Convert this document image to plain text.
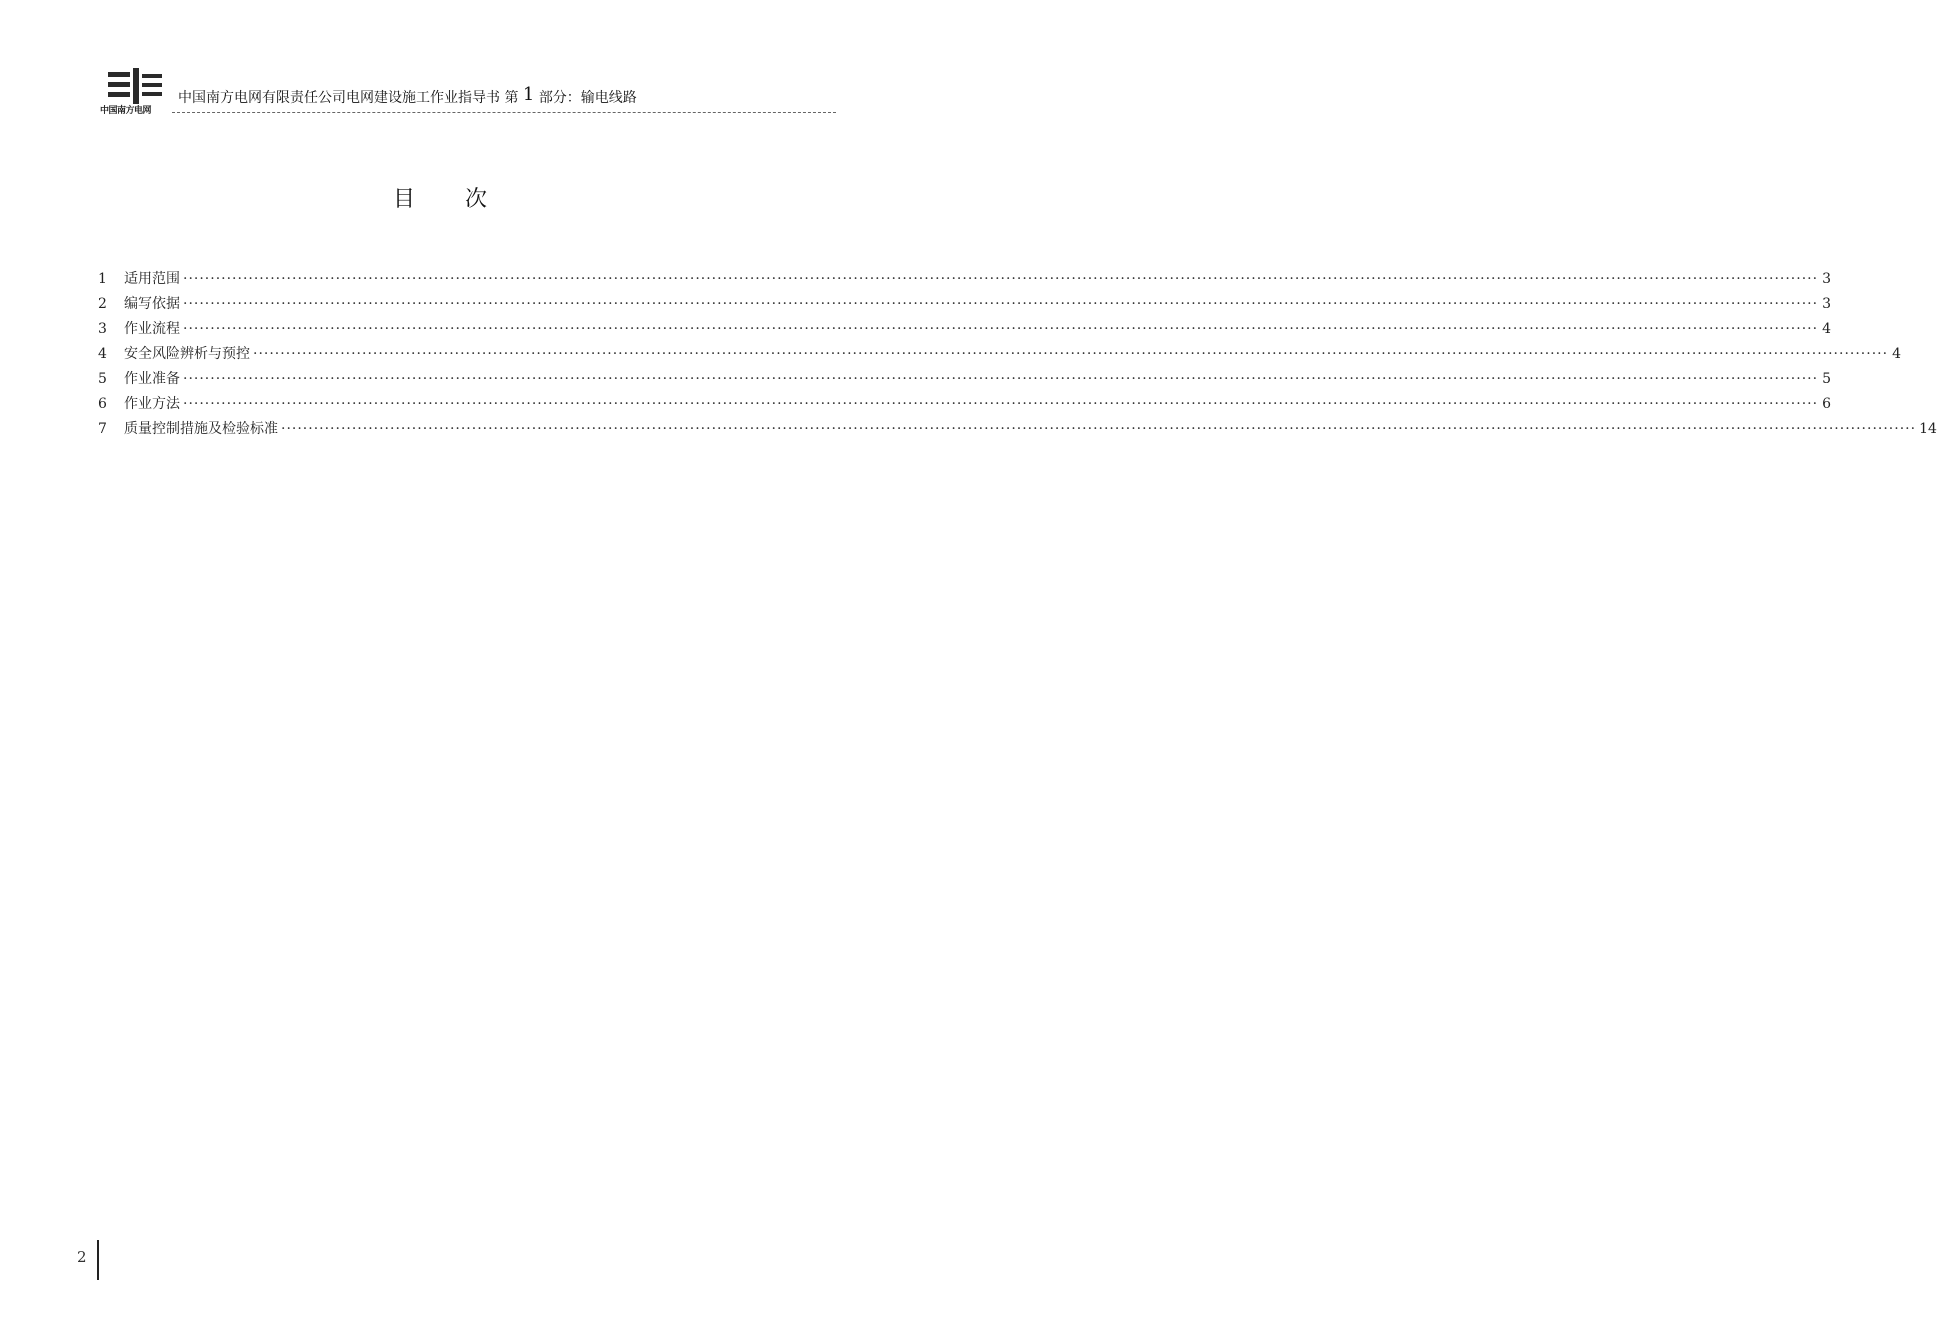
中国南方电网
中国南方电网有限责任公司电网建设施工作业指导书 第 1 部分：输电线路
目次
1	适用范围 ············································································································································································································································································································ 3
2	编写依据 ············································································································································································································································································································ 3
3	作业流程 ············································································································································································································································································································ 4
4	安全风险辨析与预控 ············································································································································································································································································································ 4
5	作业准备 ············································································································································································································································································································ 5
6	作业方法 ············································································································································································································································································································ 6
7	质量控制措施及检验标准 ············································································································································································································································································································ 14
2
